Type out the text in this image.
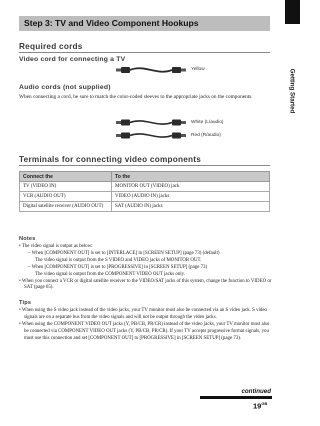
Getting Started
Step 3: TV and Video Component Hookups
Required cords
Video cord for connecting a TV
Yellow
Audio cords (not supplied)
When connecting a cord, be sure to match the color-coded sleeves to the appropriate jacks on the components.
White (L/audio)
Red (R/audio)
Terminals for connecting video components
Connect the	To the
TV (VIDEO IN)	MONITOR OUT (VIDEO) jack
VCR (AUDIO OUT)	VIDEO (AUDIO IN) jacks
Digital satellite receiver (AUDIO OUT)	SAT (AUDIO IN) jacks
Notes
• The video signal is output as below:
– When [COMPONENT OUT] is set to [INTERLACE] in [SCREEN SETUP] (page 73) (default)
The video signal is output from the S VIDEO and VIDEO jacks of MONITOR OUT.
– When [COMPONENT OUT] is set to [PROGRESSIVE] in [SCREEN SETUP] (page 73)
The video signal is output from the COMPONENT VIDEO OUT jacks only.
• When you connect a VCR or digital satellite receiver to the VIDEO/SAT jacks of this system, change the function to VIDEO or SAT (page 65).
Tips
• When using the S video jack instead of the video jacks, your TV monitor must also be connected via an S video jack. S video signals are on a separate bus from the video signals and will not be output through the video jacks.
• When using the COMPONENT VIDEO OUT jacks (Y, PB/CB, PR/CR) instead of the video jacks, your TV monitor must also be connected via COMPONENT VIDEO OUT jacks (Y, PB/CB, PR/CR). If your TV accepts progressive format signals, you must use this connection and set [COMPONENT OUT] to [PROGRESSIVE] in [SCREEN SETUP] (page 73).
continued
$19^{GB}$
